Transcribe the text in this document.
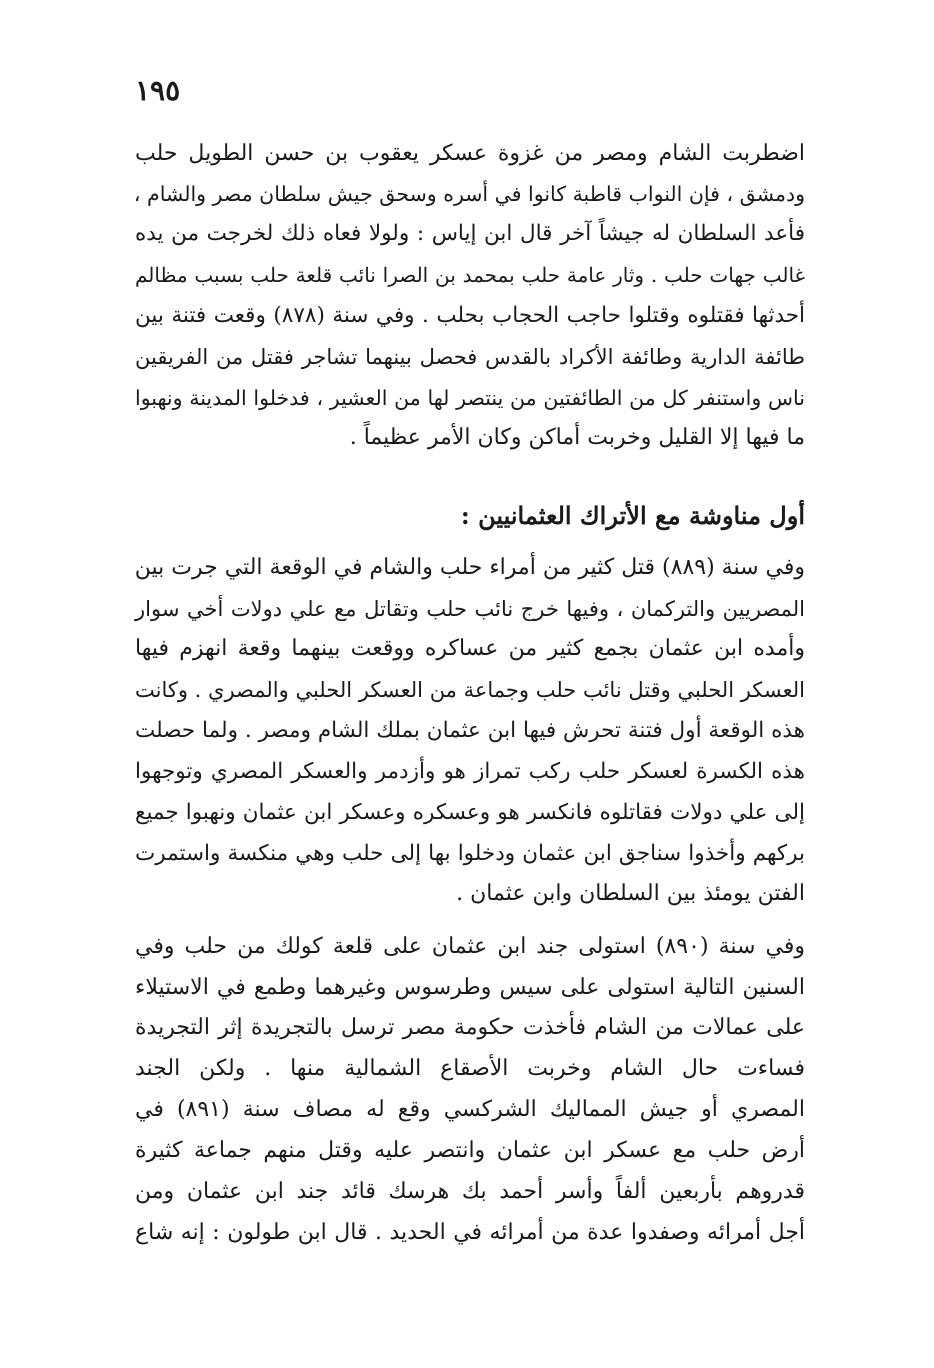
١٩٥
اضطربت الشام ومصر من غزوة عسكر يعقوب بن حسن الطويل حلب
ودمشق ، فإن النواب قاطبة كانوا في أسره وسحق جيش سلطان مصر والشام ،
فأعد السلطان له جيشاً آخر قال ابن إياس : ولولا فعاه ذلك لخرجت من يده
غالب جهات حلب . وثار عامة حلب بمحمد بن الصرا نائب قلعة حلب بسبب مظالم
أحدثها فقتلوه وقتلوا حاجب الحجاب بحلب . وفي سنة (٨٧٨) وقعت فتنة بين
طائفة الدارية وطائفة الأكراد بالقدس فحصل بينهما تشاجر فقتل من الفريقين
ناس واستنفر كل من الطائفتين من ينتصر لها من العشير ، فدخلوا المدينة ونهبوا
ما فيها إلا القليل وخربت أماكن وكان الأمر عظيماً .
أول مناوشة مع الأتراك العثمانيين :
وفي سنة (٨٨٩) قتل كثير من أمراء حلب والشام في الوقعة التي جرت بين
المصريين والتركمان ، وفيها خرج نائب حلب وتقاتل مع علي دولات أخي سوار
وأمده ابن عثمان بجمع كثير من عساكره ووقعت بينهما وقعة انهزم فيها
العسكر الحلبي وقتل نائب حلب وجماعة من العسكر الحلبي والمصري . وكانت
هذه الوقعة أول فتنة تحرش فيها ابن عثمان بملك الشام ومصر . ولما حصلت
هذه الكسرة لعسكر حلب ركب تمراز هو وأزدمر والعسكر المصري وتوجهوا
إلى علي دولات فقاتلوه فانكسر هو وعسكره وعسكر ابن عثمان ونهبوا جميع
بركهم وأخذوا سناجق ابن عثمان ودخلوا بها إلى حلب وهي منكسة واستمرت
الفتن يومئذ بين السلطان وابن عثمان .
وفي سنة (٨٩٠) استولى جند ابن عثمان على قلعة كولك من حلب وفي
السنين التالية استولى على سيس وطرسوس وغيرهما وطمع في الاستيلاء
على عمالات من الشام فأخذت حكومة مصر ترسل بالتجريدة إثر التجريدة
فساءت حال الشام وخربت الأصقاع الشمالية منها . ولكن الجند
المصري أو جيش المماليك الشركسي وقع له مصاف سنة (٨٩١) في
أرض حلب مع عسكر ابن عثمان وانتصر عليه وقتل منهم جماعة كثيرة
قدروهم بأربعين ألفاً وأسر أحمد بك هرسك قائد جند ابن عثمان ومن
أجل أمرائه وصفدوا عدة من أمرائه في الحديد . قال ابن طولون : إنه شاع
